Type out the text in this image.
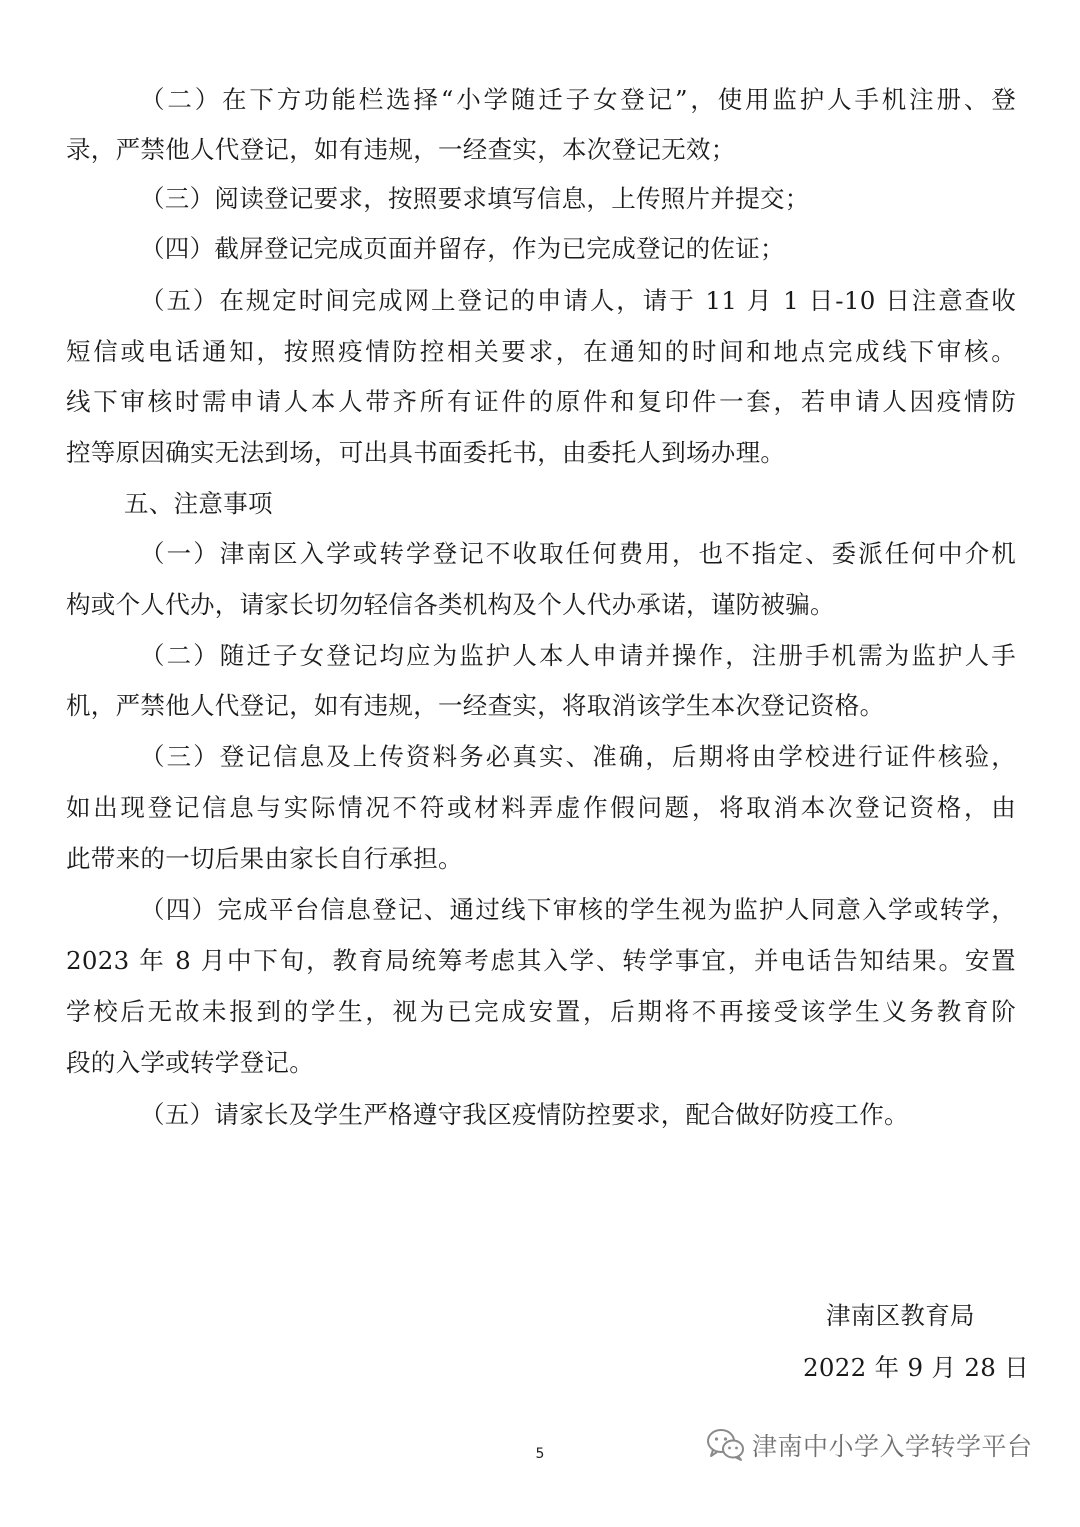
（二）在下方功能栏选择“小学随迁子女登记”，使用监护人手机注册、登
录，严禁他人代登记，如有违规，一经查实，本次登记无效；
（三）阅读登记要求，按照要求填写信息，上传照片并提交；
（四）截屏登记完成页面并留存，作为已完成登记的佐证；
（五）在规定时间完成网上登记的申请人，请于 11 月 1 日-10 日注意查收
短信或电话通知，按照疫情防控相关要求，在通知的时间和地点完成线下审核。
线下审核时需申请人本人带齐所有证件的原件和复印件一套，若申请人因疫情防
控等原因确实无法到场，可出具书面委托书，由委托人到场办理。
五、注意事项
（一）津南区入学或转学登记不收取任何费用，也不指定、委派任何中介机
构或个人代办，请家长切勿轻信各类机构及个人代办承诺，谨防被骗。
（二）随迁子女登记均应为监护人本人申请并操作，注册手机需为监护人手
机，严禁他人代登记，如有违规，一经查实，将取消该学生本次登记资格。
（三）登记信息及上传资料务必真实、准确，后期将由学校进行证件核验，
如出现登记信息与实际情况不符或材料弄虚作假问题，将取消本次登记资格，由
此带来的一切后果由家长自行承担。
（四）完成平台信息登记、通过线下审核的学生视为监护人同意入学或转学，
2023 年 8 月中下旬，教育局统筹考虑其入学、转学事宜，并电话告知结果。安置
学校后无故未报到的学生，视为已完成安置，后期将不再接受该学生义务教育阶
段的入学或转学登记。
（五）请家长及学生严格遵守我区疫情防控要求，配合做好防疫工作。
津南区教育局
2022 年 9 月 28 日
5	津南中小学入学转学平台
